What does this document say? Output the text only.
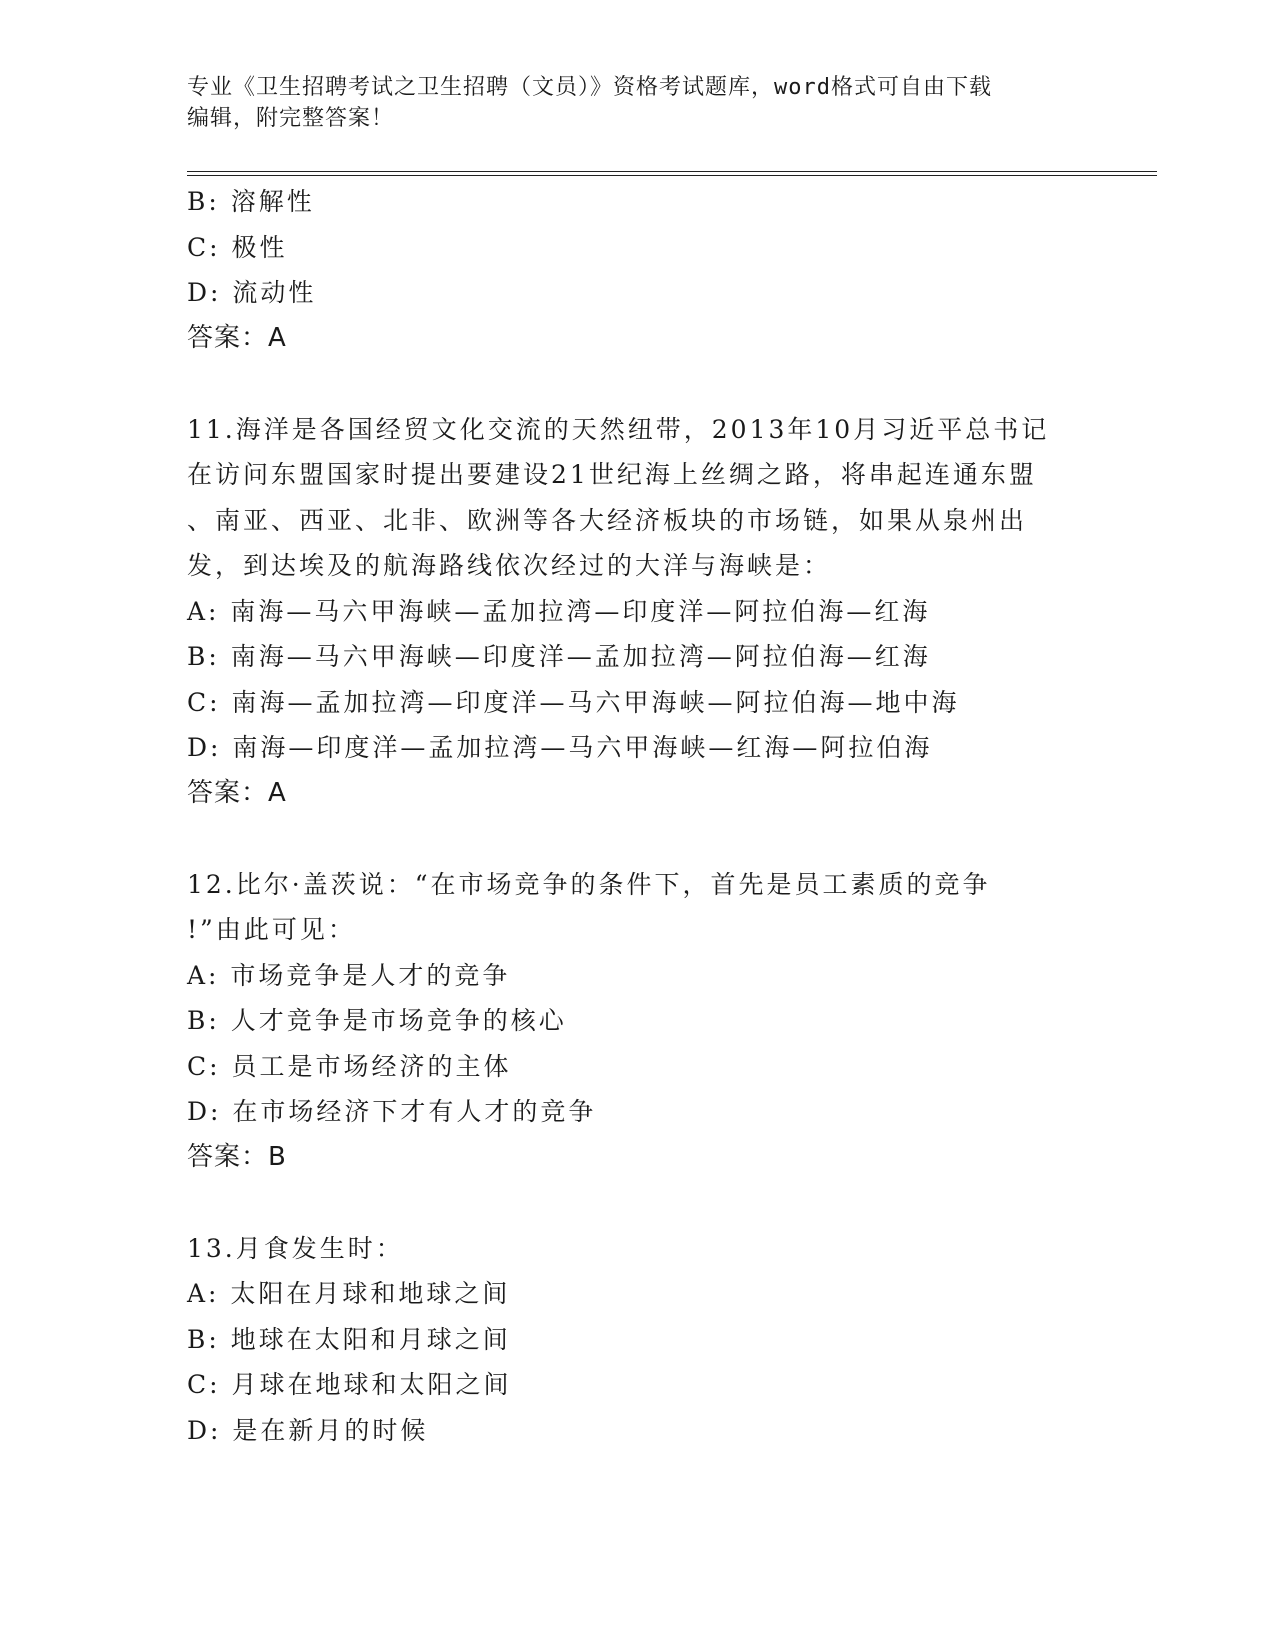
专业《卫生招聘考试之卫生招聘（文员）》资格考试题库，word格式可自由下载
编辑，附完整答案！
B: 溶解性
C: 极性
D: 流动性
答案：A
11.海洋是各国经贸文化交流的天然纽带，2013年10月习近平总书记
在访问东盟国家时提出要建设21世纪海上丝绸之路，将串起连通东盟
、南亚、西亚、北非、欧洲等各大经济板块的市场链，如果从泉州出
发，到达埃及的航海路线依次经过的大洋与海峡是：
A: 南海—马六甲海峡—孟加拉湾—印度洋—阿拉伯海—红海
B: 南海—马六甲海峡—印度洋—孟加拉湾—阿拉伯海—红海
C: 南海—孟加拉湾—印度洋—马六甲海峡—阿拉伯海—地中海
D: 南海—印度洋—孟加拉湾—马六甲海峡—红海—阿拉伯海
答案：A
12.比尔·盖茨说：“在市场竞争的条件下，首先是员工素质的竞争
!”由此可见：
A: 市场竞争是人才的竞争
B: 人才竞争是市场竞争的核心
C: 员工是市场经济的主体
D: 在市场经济下才有人才的竞争
答案：B
13.月食发生时：
A: 太阳在月球和地球之间
B: 地球在太阳和月球之间
C: 月球在地球和太阳之间
D: 是在新月的时候
